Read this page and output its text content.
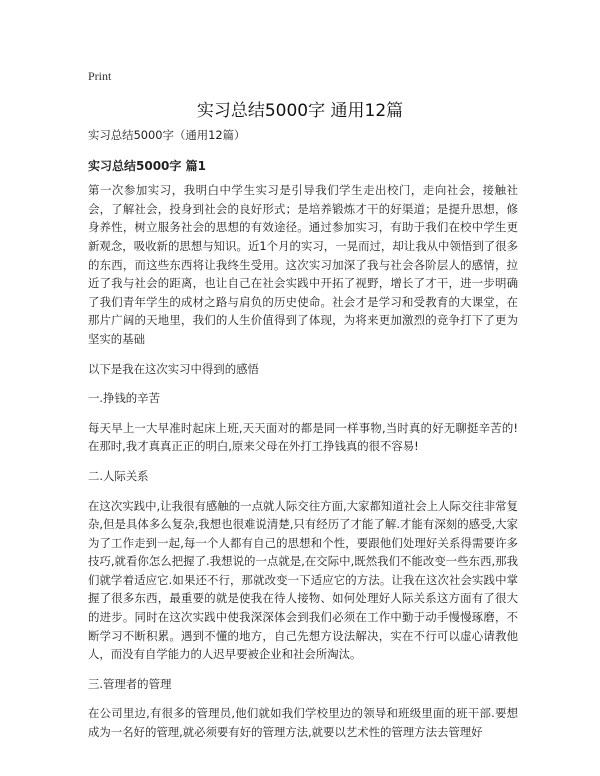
Print
实习总结5000字 通用12篇

实习总结5000字（通用12篇）

实习总结5000字 篇1

第一次参加实习，我明白中学生实习是引导我们学生走出校门，走向社会，接触社会，了解社会，投身到社会的良好形式；是培养锻炼才干的好渠道；是提升思想，修身养性，树立服务社会的思想的有效途径。通过参加实习，有助于我们在校中学生更新观念，吸收新的思想与知识。近1个月的实习，一晃而过，却让我从中领悟到了很多的东西，而这些东西将让我终生受用。这次实习加深了我与社会各阶层人的感情，拉近了我与社会的距离，也让自己在社会实践中开拓了视野，增长了才干，进一步明确了我们青年学生的成材之路与肩负的历史使命。社会才是学习和受教育的大课堂，在那片广阔的天地里，我们的人生价值得到了体现，为将来更加激烈的竞争打下了更为坚实的基础

以下是我在这次实习中得到的感悟

一.挣钱的辛苦

每天早上一大早准时起床上班,天天面对的都是同一样事物,当时真的好无聊挺辛苦的!在那时,我才真真正正的明白,原来父母在外打工挣钱真的很不容易!

二.人际关系

在这次实践中,让我很有感触的一点就人际交往方面,大家都知道社会上人际交往非常复杂,但是具体多么复杂,我想也很难说清楚,只有经历了才能了解.才能有深刻的感受,大家为了工作走到一起,每一个人都有自己的思想和个性，要跟他们处理好关系得需要许多技巧,就看你怎么把握了.我想说的一点就是,在交际中,既然我们不能改变一些东西,那我们就学着适应它.如果还不行，那就改变一下适应它的方法。让我在这次社会实践中掌握了很多东西，最重要的就是使我在待人接物、如何处理好人际关系这方面有了很大的进步。同时在这次实践中使我深深体会到我们必须在工作中勤于动手慢慢琢磨，不断学习不断积累。遇到不懂的地方，自己先想方设法解决，实在不行可以虚心请教他人，而没有自学能力的人迟早要被企业和社会所淘汰。

三.管理者的管理

在公司里边,有很多的管理员,他们就如我们学校里边的领导和班级里面的班干部.要想成为一名好的管理,就必须要有好的管理方法,就要以艺术性的管理方法去管理好
